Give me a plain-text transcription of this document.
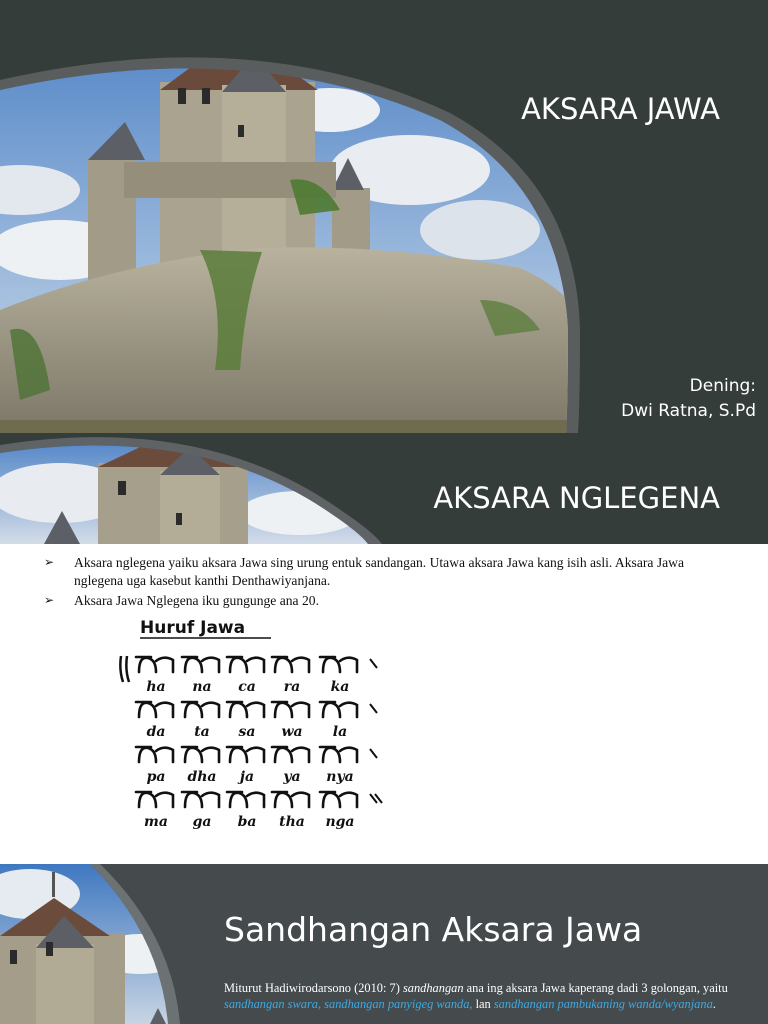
AKSARA JAWA
Dening:
Dwi Ratna, S.Pd
AKSARA NGLEGENA
➢ Aksara nglegena yaiku aksara Jawa sing urung entuk sandangan. Utawa aksara Jawa kang isih asli. Aksara Jawa nglegena uga kasebut kanthi Denthawiyanjana.
➢ Aksara Jawa Nglegena iku gungunge ana 20.
Huruf Jawa
ha na ca ra ka
da ta sa wa la
pa dha ja ya nya
ma ga ba tha nga
Sandhangan Aksara Jawa
Miturut Hadiwirodarsono (2010: 7) sandhangan ana ing aksara Jawa kaperang dadi 3 golongan, yaitu sandhangan swara, sandhangan panyigeg wanda, lan sandhangan pambukaning wanda/wyanjana.
